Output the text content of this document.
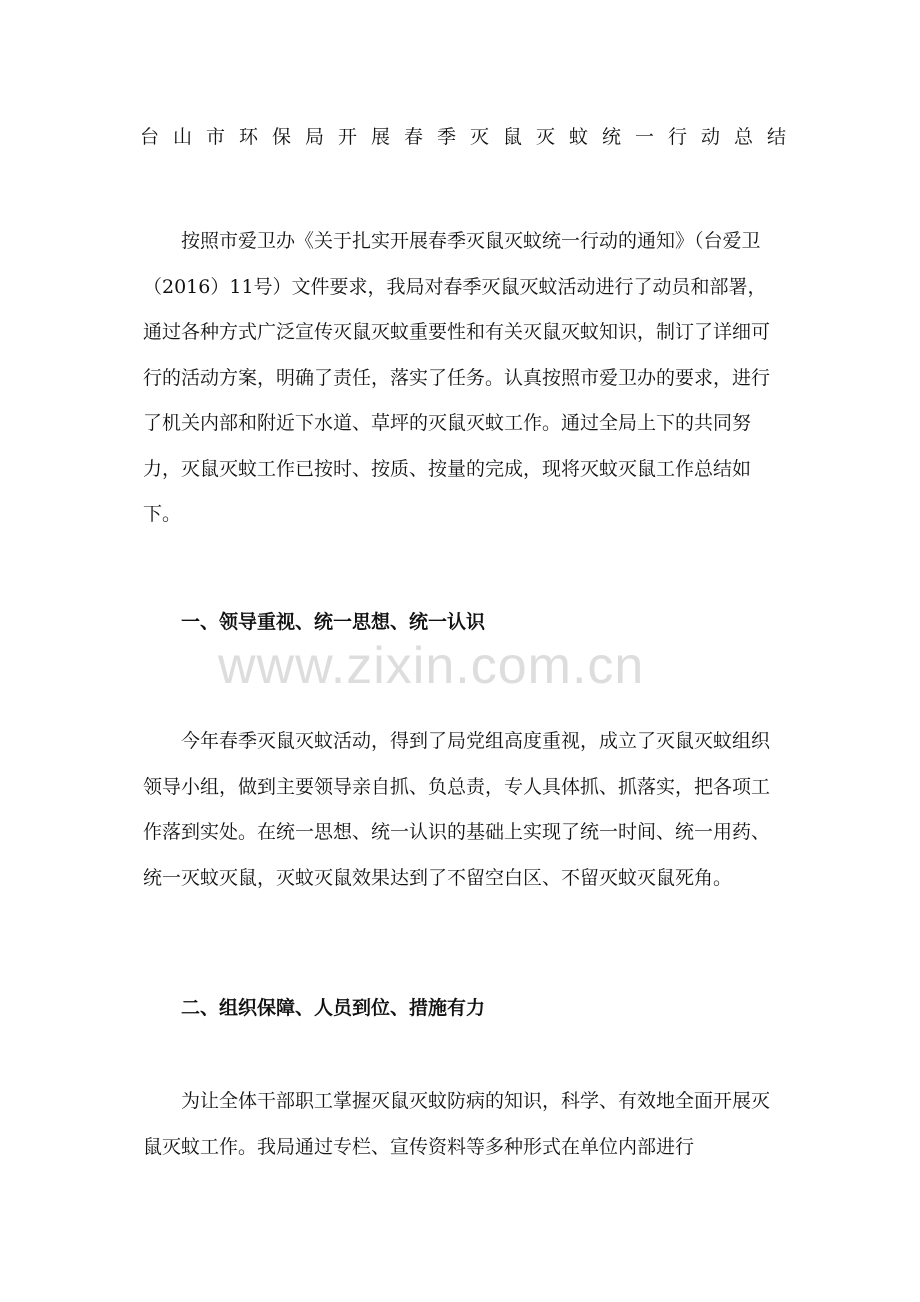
台山市环保局开展春季灭鼠灭蚊统一行动总结

按照市爱卫办《关于扎实开展春季灭鼠灭蚊统一行动的通知》（台爱卫（2016）11号）文件要求，我局对春季灭鼠灭蚊活动进行了动员和部署，通过各种方式广泛宣传灭鼠灭蚊重要性和有关灭鼠灭蚊知识，制订了详细可行的活动方案，明确了责任，落实了任务。认真按照市爱卫办的要求，进行了机关内部和附近下水道、草坪的灭鼠灭蚊工作。通过全局上下的共同努力，灭鼠灭蚊工作已按时、按质、按量的完成，现将灭蚊灭鼠工作总结如下。

一、领导重视、统一思想、统一认识

今年春季灭鼠灭蚊活动，得到了局党组高度重视，成立了灭鼠灭蚊组织领导小组，做到主要领导亲自抓、负总责，专人具体抓、抓落实，把各项工作落到实处。在统一思想、统一认识的基础上实现了统一时间、统一用药、统一灭蚊灭鼠，灭蚊灭鼠效果达到了不留空白区、不留灭蚊灭鼠死角。

二、组织保障、人员到位、措施有力

为让全体干部职工掌握灭鼠灭蚊防病的知识，科学、有效地全面开展灭鼠灭蚊工作。我局通过专栏、宣传资料等多种形式在单位内部进行

www.zixin.com.cn
